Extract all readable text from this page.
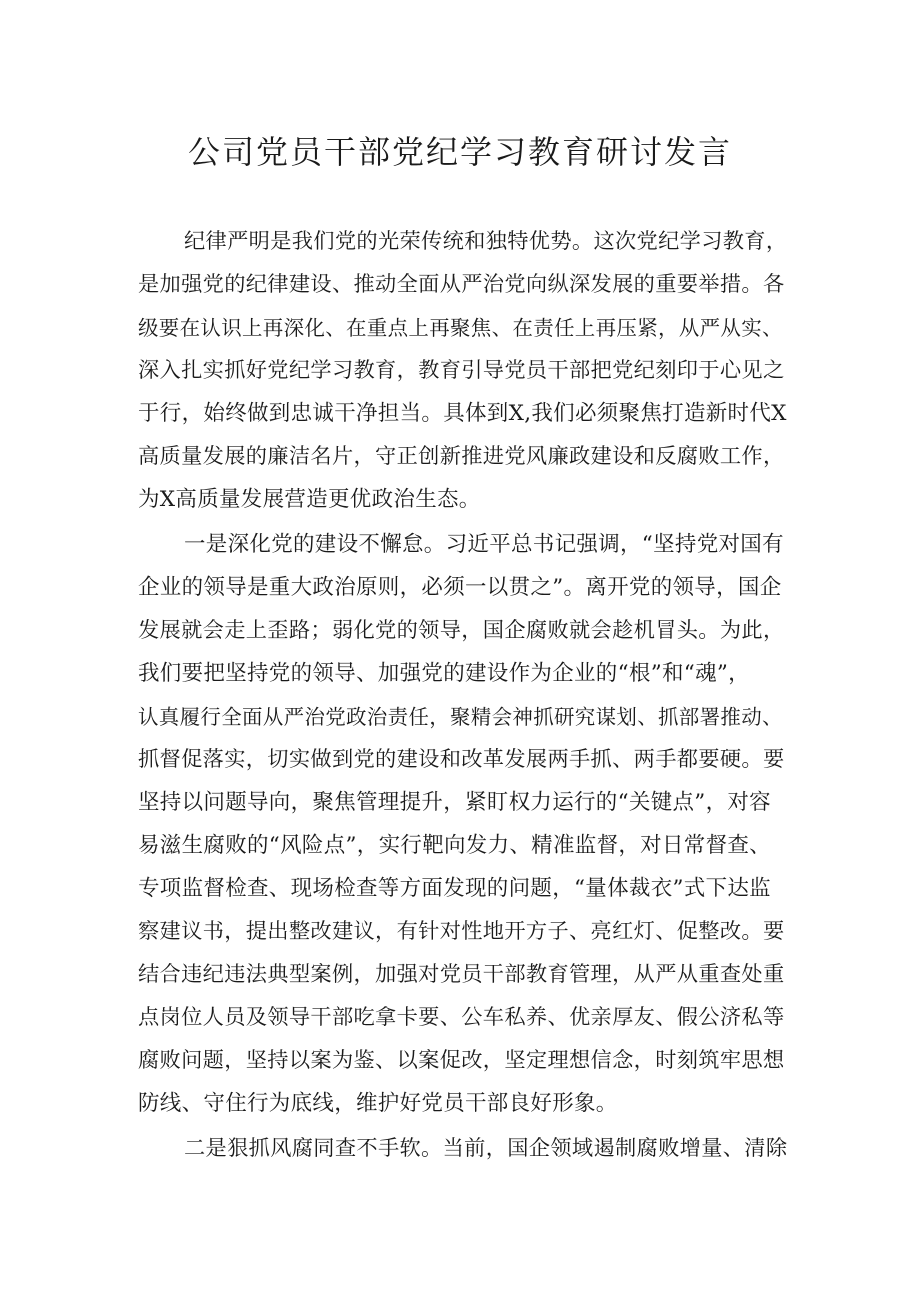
公司党员干部党纪学习教育研讨发言

纪律严明是我们党的光荣传统和独特优势。这次党纪学习教育，

是加强党的纪律建设、推动全面从严治党向纵深发展的重要举措。各

级要在认识上再深化、在重点上再聚焦、在责任上再压紧，从严从实、

深入扎实抓好党纪学习教育，教育引导党员干部把党纪刻印于心见之

于行，始终做到忠诚干净担当。具体到X,我们必须聚焦打造新时代X

高质量发展的廉洁名片，守正创新推进党风廉政建设和反腐败工作，

为X高质量发展营造更优政治生态。

一是深化党的建设不懈怠。习近平总书记强调，“坚持党对国有

企业的领导是重大政治原则，必须一以贯之”。离开党的领导，国企

发展就会走上歪路；弱化党的领导，国企腐败就会趁机冒头。为此，

我们要把坚持党的领导、加强党的建设作为企业的“根”和“魂”，

认真履行全面从严治党政治责任，聚精会神抓研究谋划、抓部署推动、

抓督促落实，切实做到党的建设和改革发展两手抓、两手都要硬。要

坚持以问题导向，聚焦管理提升，紧盯权力运行的“关键点”，对容

易滋生腐败的“风险点”，实行靶向发力、精准监督，对日常督查、

专项监督检查、现场检查等方面发现的问题，“量体裁衣”式下达监

察建议书，提出整改建议，有针对性地开方子、亮红灯、促整改。要

结合违纪违法典型案例，加强对党员干部教育管理，从严从重查处重

点岗位人员及领导干部吃拿卡要、公车私养、优亲厚友、假公济私等

腐败问题，坚持以案为鉴、以案促改，坚定理想信念，时刻筑牢思想

防线、守住行为底线，维护好党员干部良好形象。

二是狠抓风腐同查不手软。当前，国企领域遏制腐败增量、清除
